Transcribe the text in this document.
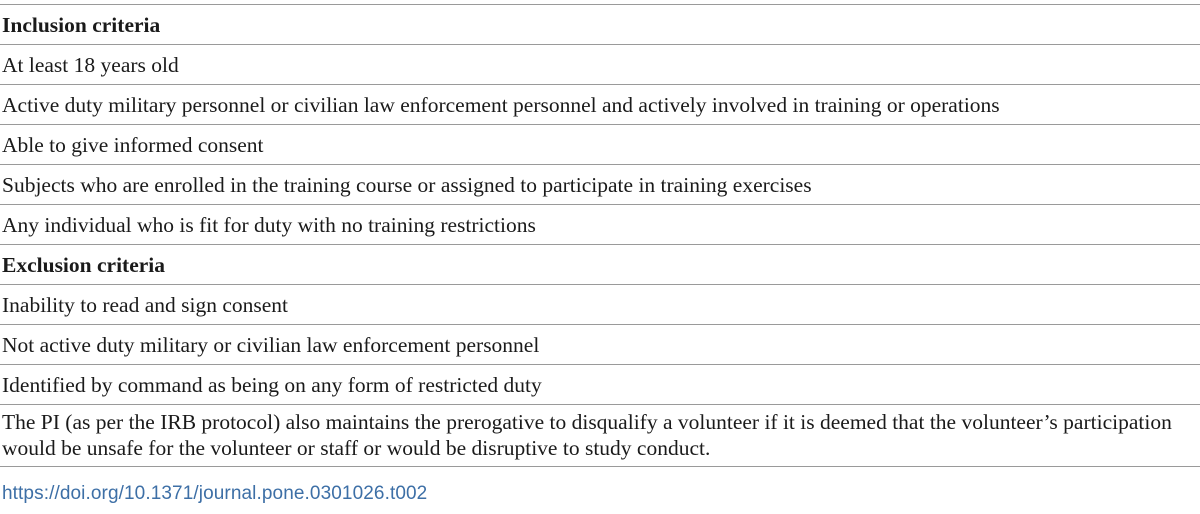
Inclusion criteria
At least 18 years old
Active duty military personnel or civilian law enforcement personnel and actively involved in training or operations
Able to give informed consent
Subjects who are enrolled in the training course or assigned to participate in training exercises
Any individual who is fit for duty with no training restrictions
Exclusion criteria
Inability to read and sign consent
Not active duty military or civilian law enforcement personnel
Identified by command as being on any form of restricted duty
The PI (as per the IRB protocol) also maintains the prerogative to disqualify a volunteer if it is deemed that the volunteer’s participation would be unsafe for the volunteer or staff or would be disruptive to study conduct.
https://doi.org/10.1371/journal.pone.0301026.t002
